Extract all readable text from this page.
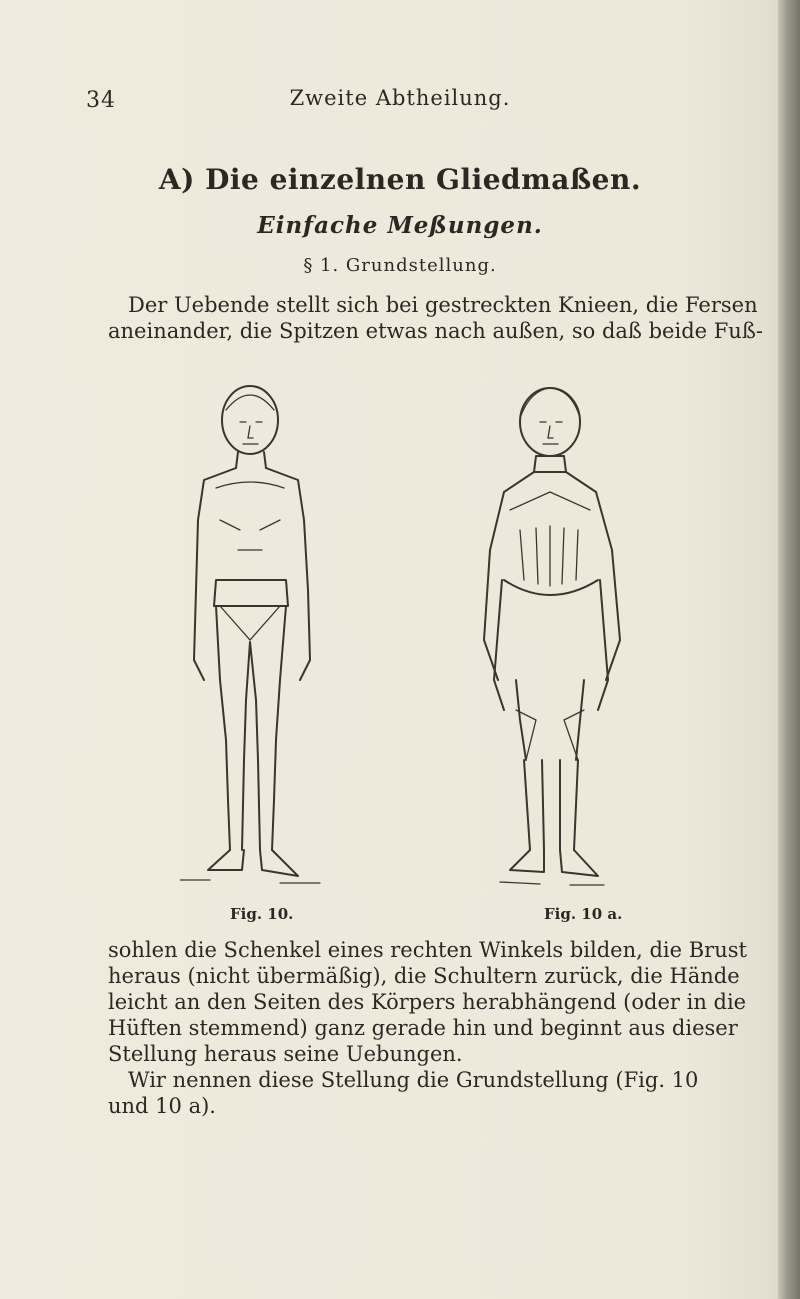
34	Zweite Abtheilung.
A) Die einzelnen Gliedmaßen.
Einfache Meßungen.
§ 1. Grundstellung.
Der Uebende stellt sich bei gestreckten Knieen, die Fersen
aneinander, die Spitzen etwas nach außen, so daß beide Fuß-
Fig. 10.	Fig. 10 a.
sohlen die Schenkel eines rechten Winkels bilden, die Brust
heraus (nicht übermäßig), die Schultern zurück, die Hände
leicht an den Seiten des Körpers herabhängend (oder in die
Hüften stemmend) ganz gerade hin und beginnt aus dieser
Stellung heraus seine Uebungen.
Wir nennen diese Stellung die Grundstellung (Fig. 10
und 10 a).
